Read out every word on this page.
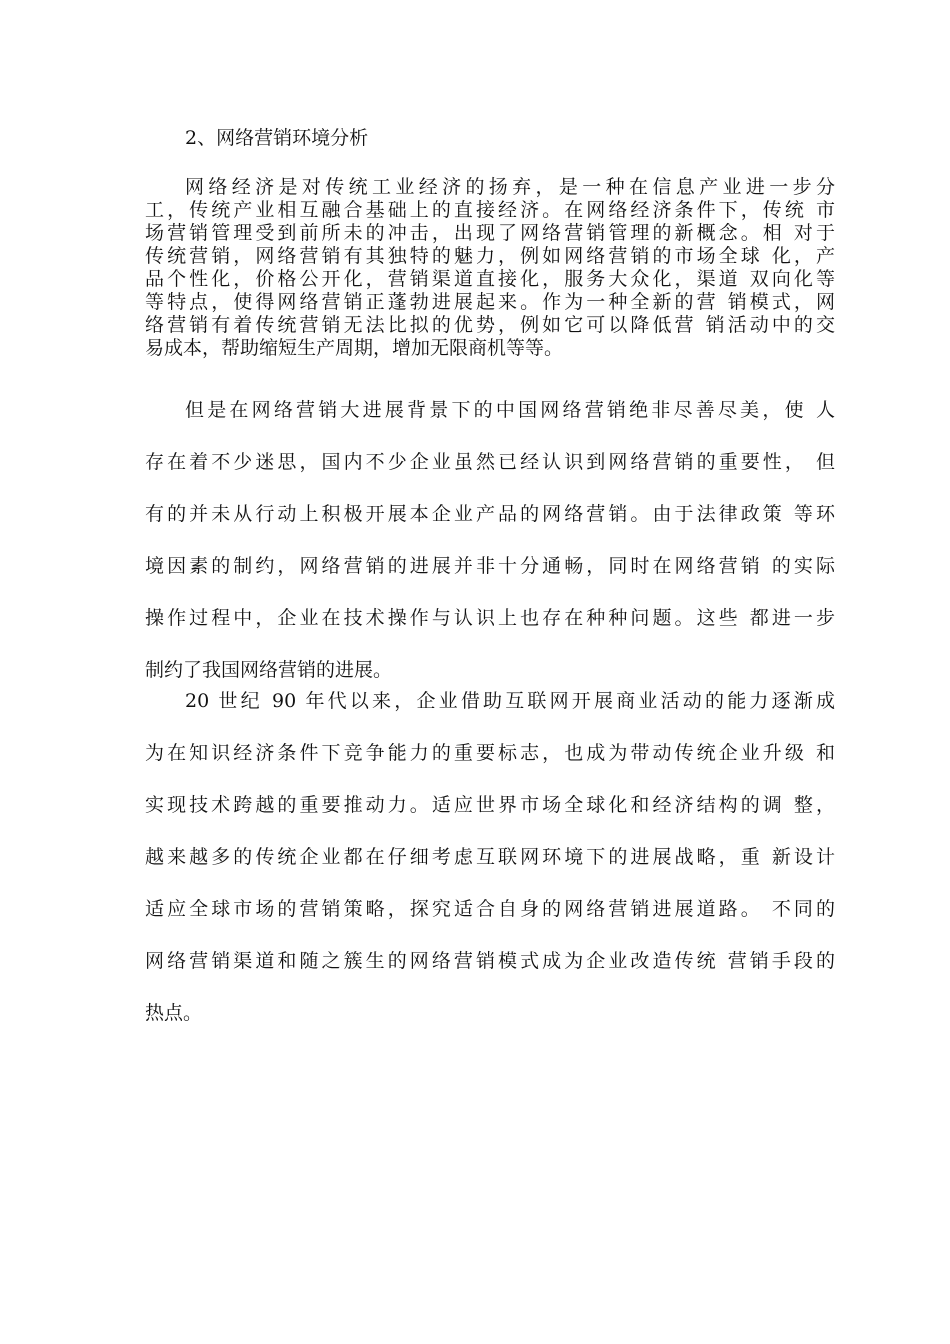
2、网络营销环境分析
网络经济是对传统工业经济的扬弃，是一种在信息产业进一步分
工，传统产业相互融合基础上的直接经济。在网络经济条件下，传统 市
场营销管理受到前所未的冲击，出现了网络营销管理的新概念。相 对于
传统营销，网络营销有其独特的魅力，例如网络营销的市场全球 化，产
品个性化，价格公开化，营销渠道直接化，服务大众化，渠道 双向化等
等特点，使得网络营销正蓬勃进展起来。作为一种全新的营 销模式，网
络营销有着传统营销无法比拟的优势，例如它可以降低营 销活动中的交
易成本，帮助缩短生产周期，增加无限商机等等。
但是在网络营销大进展背景下的中国网络营销绝非尽善尽美，使 人
存在着不少迷思，国内不少企业虽然已经认识到网络营销的重要性， 但
有的并未从行动上积极开展本企业产品的网络营销。由于法律政策 等环
境因素的制约，网络营销的进展并非十分通畅，同时在网络营销 的实际
操作过程中，企业在技术操作与认识上也存在种种问题。这些 都进一步
制约了我国网络营销的进展。
20 世纪 90 年代以来，企业借助互联网开展商业活动的能力逐渐成
为在知识经济条件下竞争能力的重要标志，也成为带动传统企业升级 和
实现技术跨越的重要推动力。适应世界市场全球化和经济结构的调 整，
越来越多的传统企业都在仔细考虑互联网环境下的进展战略，重 新设计
适应全球市场的营销策略，探究适合自身的网络营销进展道路。 不同的
网络营销渠道和随之簇生的网络营销模式成为企业改造传统 营销手段的
热点。
